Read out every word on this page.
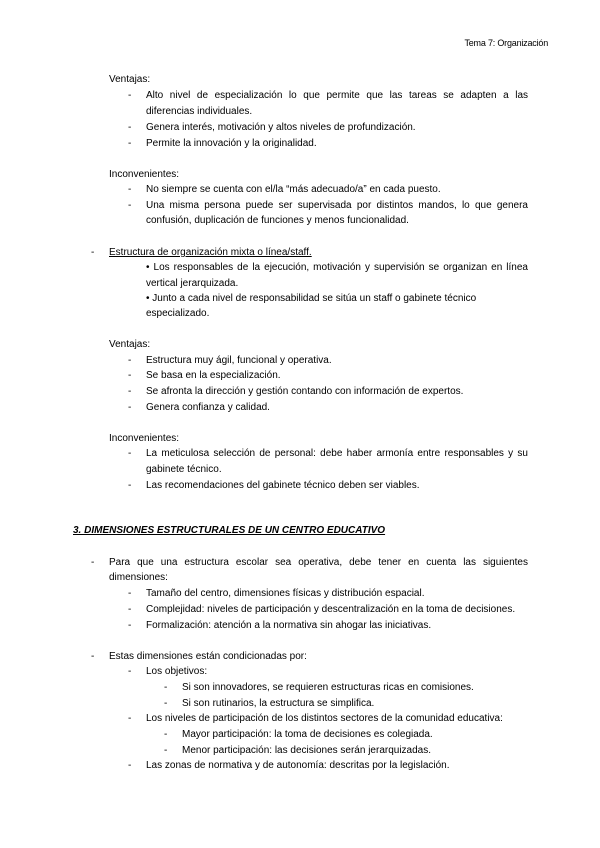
Tema 7: Organización
Ventajas:
- Alto nivel de especialización lo que permite que las tareas se adapten a las
diferencias individuales.
- Genera interés, motivación y altos niveles de profundización.
- Permite la innovación y la originalidad.
Inconvenientes:
- No siempre se cuenta con el/la “más adecuado/a” en cada puesto.
- Una misma persona puede ser supervisada por distintos mandos, lo que genera
confusión, duplicación de funciones y menos funcionalidad.
- Estructura de organización mixta o línea/staff.
• Los responsables de la ejecución, motivación y supervisión se organizan en línea
vertical jerarquizada.
• Junto a cada nivel de responsabilidad se sitúa un staff o gabinete técnico
especializado.
Ventajas:
- Estructura muy ágil, funcional y operativa.
- Se basa en la especialización.
- Se afronta la dirección y gestión contando con información de expertos.
- Genera confianza y calidad.
Inconvenientes:
- La meticulosa selección de personal: debe haber armonía entre responsables y su
gabinete técnico.
- Las recomendaciones del gabinete técnico deben ser viables.
3. DIMENSIONES ESTRUCTURALES DE UN CENTRO EDUCATIVO
- Para que una estructura escolar sea operativa, debe tener en cuenta las siguientes
dimensiones:
- Tamaño del centro, dimensiones físicas y distribución espacial.
- Complejidad: niveles de participación y descentralización en la toma de decisiones.
- Formalización: atención a la normativa sin ahogar las iniciativas.
- Estas dimensiones están condicionadas por:
- Los objetivos:
- Si son innovadores, se requieren estructuras ricas en comisiones.
- Si son rutinarios, la estructura se simplifica.
- Los niveles de participación de los distintos sectores de la comunidad educativa:
- Mayor participación: la toma de decisiones es colegiada.
- Menor participación: las decisiones serán jerarquizadas.
- Las zonas de normativa y de autonomía: descritas por la legislación.
